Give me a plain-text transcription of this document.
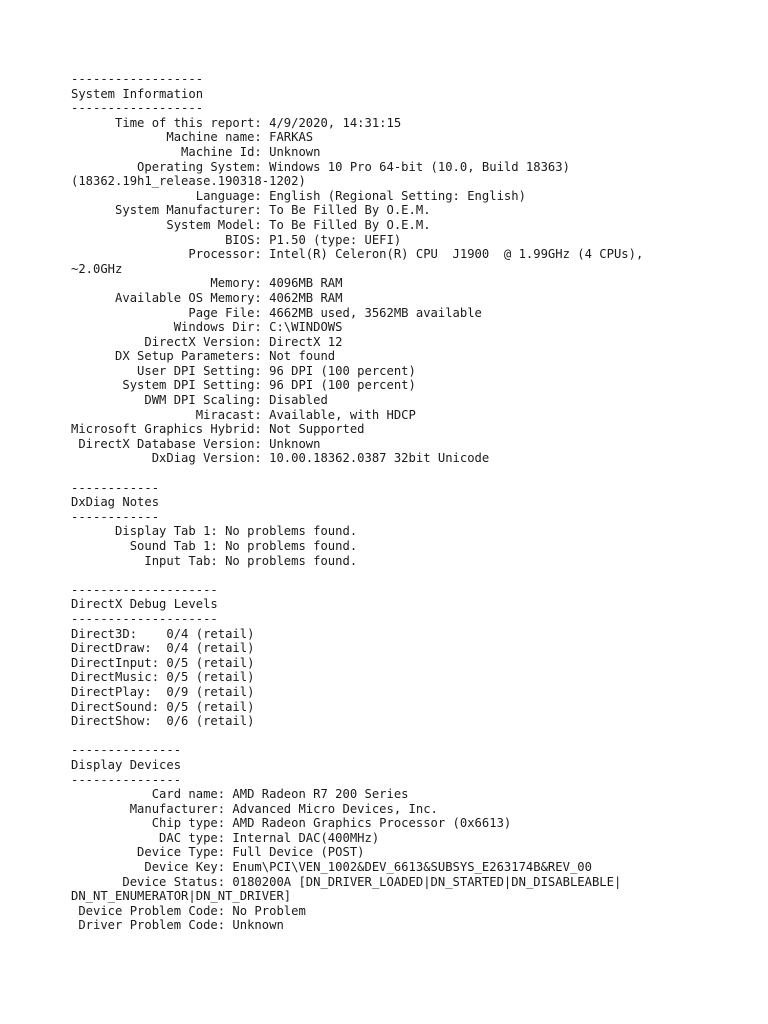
------------------
System Information
------------------
Time of this report: 4/9/2020, 14:31:15
Machine name: FARKAS
Machine Id: Unknown
Operating System: Windows 10 Pro 64-bit (10.0, Build 18363)
(18362.19h1_release.190318-1202)
Language: English (Regional Setting: English)
System Manufacturer: To Be Filled By O.E.M.
System Model: To Be Filled By O.E.M.
BIOS: P1.50 (type: UEFI)
Processor: Intel(R) Celeron(R) CPU  J1900  @ 1.99GHz (4 CPUs),
~2.0GHz
Memory: 4096MB RAM
Available OS Memory: 4062MB RAM
Page File: 4662MB used, 3562MB available
Windows Dir: C:\WINDOWS
DirectX Version: DirectX 12
DX Setup Parameters: Not found
User DPI Setting: 96 DPI (100 percent)
System DPI Setting: 96 DPI (100 percent)
DWM DPI Scaling: Disabled
Miracast: Available, with HDCP
Microsoft Graphics Hybrid: Not Supported
DirectX Database Version: Unknown
DxDiag Version: 10.00.18362.0387 32bit Unicode

------------
DxDiag Notes
------------
Display Tab 1: No problems found.
Sound Tab 1: No problems found.
Input Tab: No problems found.

--------------------
DirectX Debug Levels
--------------------
Direct3D:    0/4 (retail)
DirectDraw:  0/4 (retail)
DirectInput: 0/5 (retail)
DirectMusic: 0/5 (retail)
DirectPlay:  0/9 (retail)
DirectSound: 0/5 (retail)
DirectShow:  0/6 (retail)

---------------
Display Devices
---------------
Card name: AMD Radeon R7 200 Series
Manufacturer: Advanced Micro Devices, Inc.
Chip type: AMD Radeon Graphics Processor (0x6613)
DAC type: Internal DAC(400MHz)
Device Type: Full Device (POST)
Device Key: Enum\PCI\VEN_1002&DEV_6613&SUBSYS_E263174B&REV_00
Device Status: 0180200A [DN_DRIVER_LOADED|DN_STARTED|DN_DISABLEABLE|
DN_NT_ENUMERATOR|DN_NT_DRIVER]
Device Problem Code: No Problem
Driver Problem Code: Unknown
